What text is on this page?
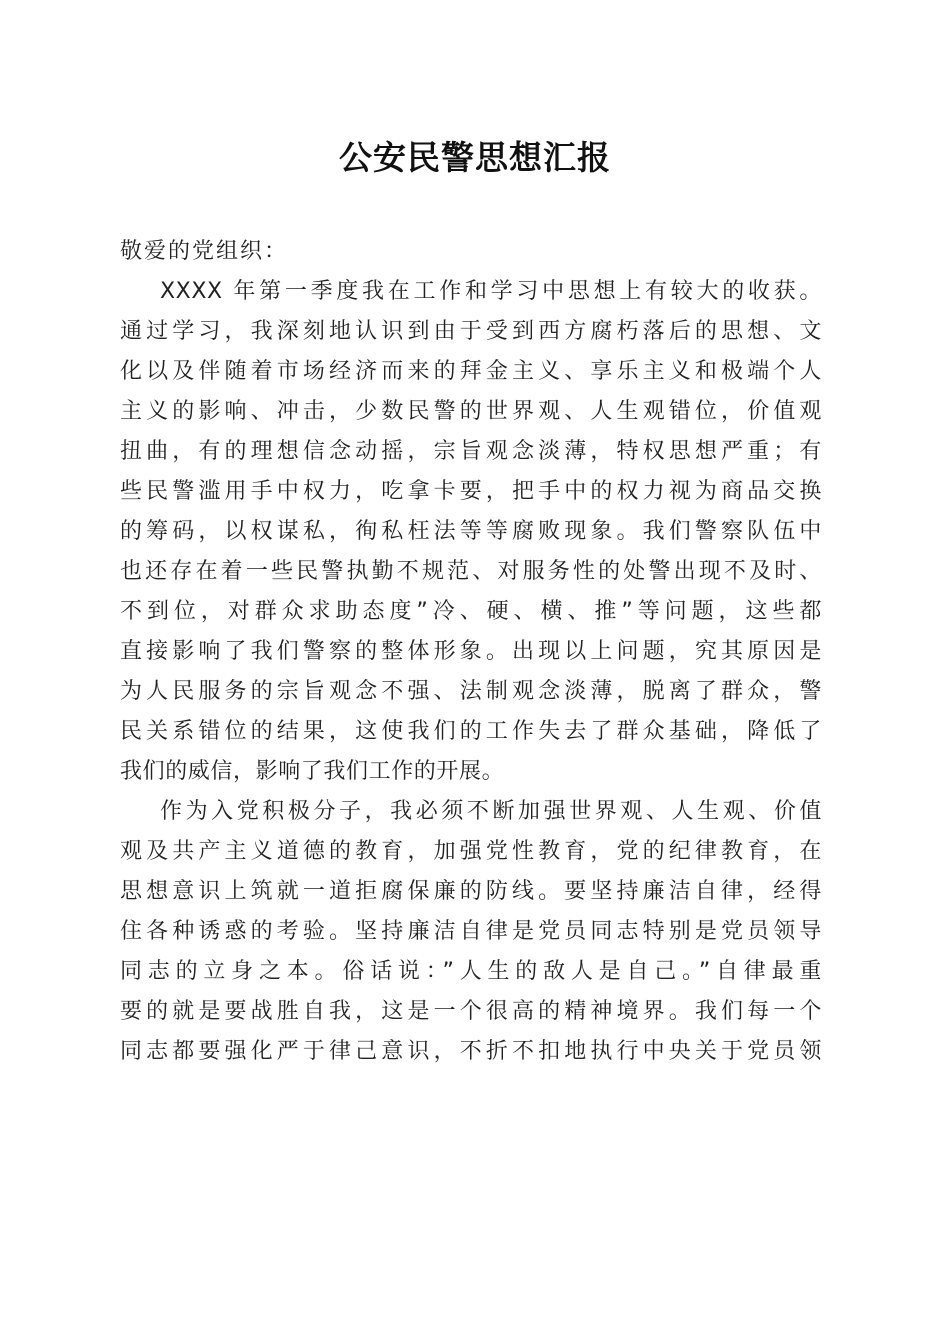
公安民警思想汇报
敬爱的党组织：
XXXX 年第一季度我在工作和学习中思想上有较大的收获。
通过学习，我深刻地认识到由于受到西方腐朽落后的思想、文
化以及伴随着市场经济而来的拜金主义、享乐主义和极端个人
主义的影响、冲击，少数民警的世界观、人生观错位，价值观
扭曲，有的理想信念动摇，宗旨观念淡薄，特权思想严重；有
些民警滥用手中权力，吃拿卡要，把手中的权力视为商品交换
的筹码，以权谋私，徇私枉法等等腐败现象。我们警察队伍中
也还存在着一些民警执勤不规范、对服务性的处警出现不及时、
不到位，对群众求助态度”冷、硬、横、推”等问题，这些都
直接影响了我们警察的整体形象。出现以上问题，究其原因是
为人民服务的宗旨观念不强、法制观念淡薄，脱离了群众，警
民关系错位的结果，这使我们的工作失去了群众基础，降低了
我们的威信，影响了我们工作的开展。
作为入党积极分子，我必须不断加强世界观、人生观、价值
观及共产主义道德的教育，加强党性教育，党的纪律教育，在
思想意识上筑就一道拒腐保廉的防线。要坚持廉洁自律，经得
住各种诱惑的考验。坚持廉洁自律是党员同志特别是党员领导
同志的立身之本。俗话说：”人生的敌人是自己。”自律最重
要的就是要战胜自我，这是一个很高的精神境界。我们每一个
同志都要强化严于律己意识，不折不扣地执行中央关于党员领
